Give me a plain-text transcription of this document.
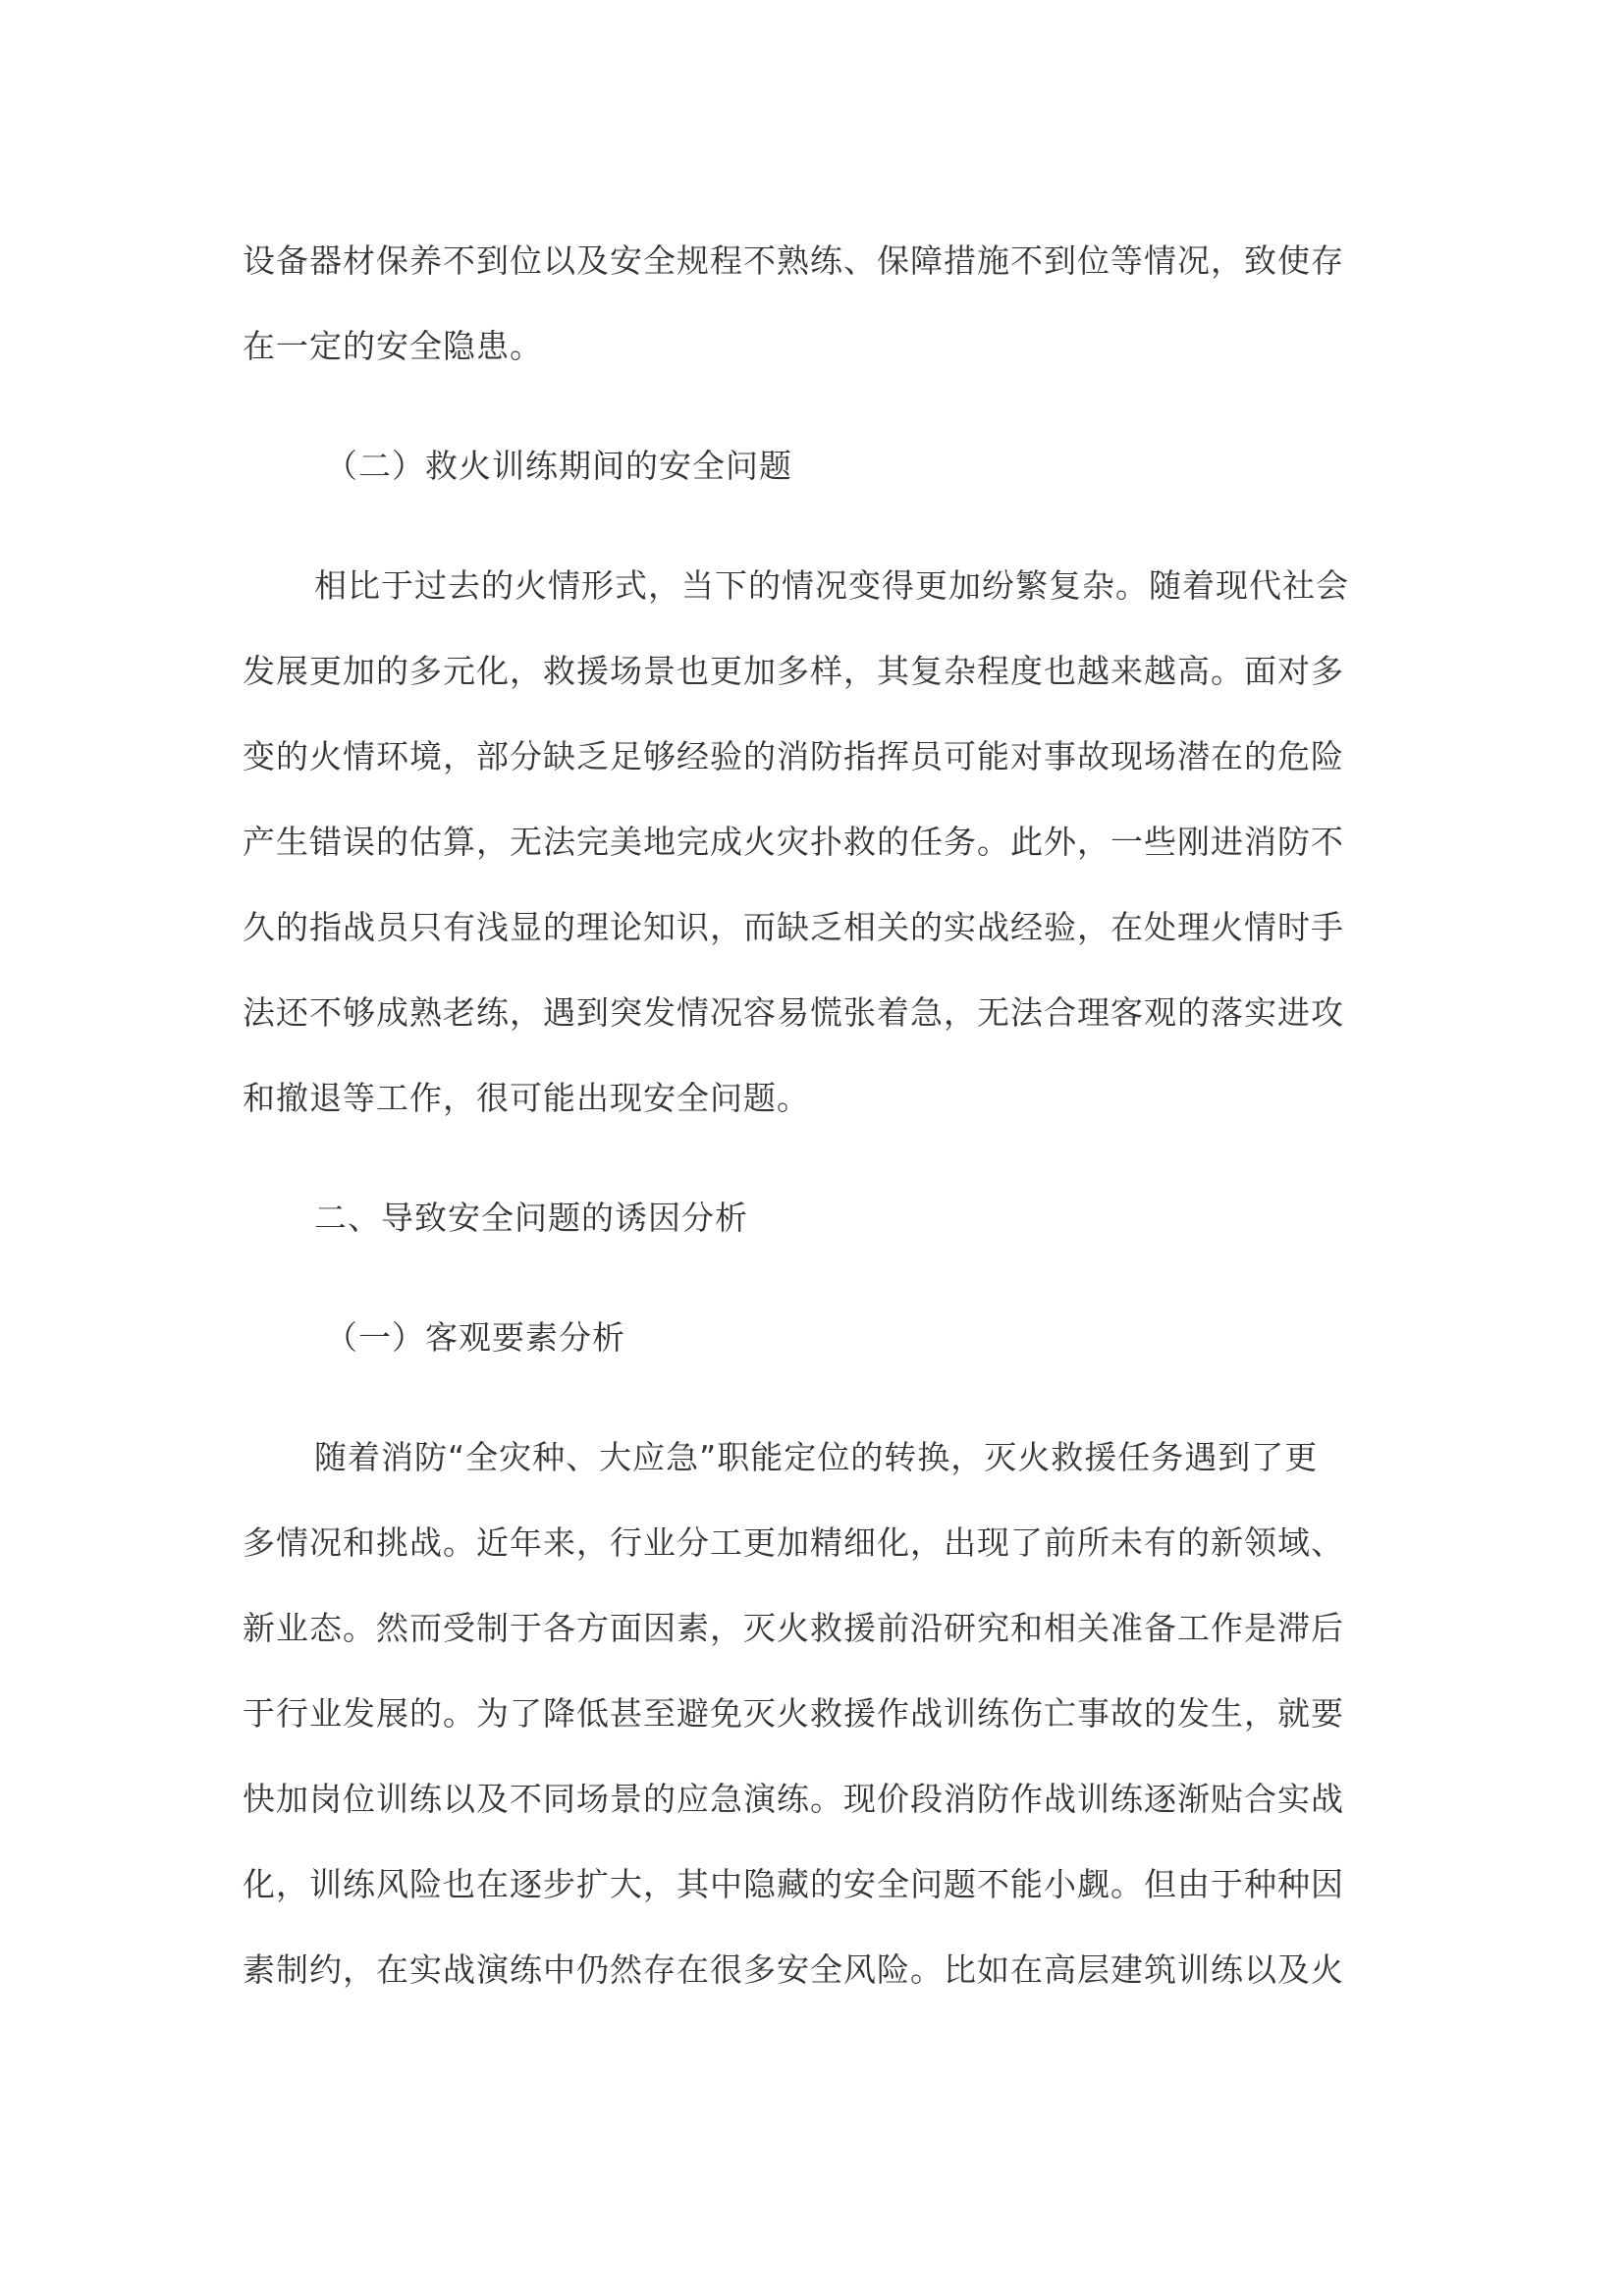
设备器材保养不到位以及安全规程不熟练、保障措施不到位等情况，致使存
在一定的安全隐患。
（二）救火训练期间的安全问题
相比于过去的火情形式，当下的情况变得更加纷繁复杂。随着现代社会
发展更加的多元化，救援场景也更加多样，其复杂程度也越来越高。面对多
变的火情环境，部分缺乏足够经验的消防指挥员可能对事故现场潜在的危险
产生错误的估算，无法完美地完成火灾扑救的任务。此外，一些刚进消防不
久的指战员只有浅显的理论知识，而缺乏相关的实战经验，在处理火情时手
法还不够成熟老练，遇到突发情况容易慌张着急，无法合理客观的落实进攻
和撤退等工作，很可能出现安全问题。
二、导致安全问题的诱因分析
（一）客观要素分析
随着消防“全灾种、大应急”职能定位的转换，灭火救援任务遇到了更
多情况和挑战。近年来，行业分工更加精细化，出现了前所未有的新领域、
新业态。然而受制于各方面因素，灭火救援前沿研究和相关准备工作是滞后
于行业发展的。为了降低甚至避免灭火救援作战训练伤亡事故的发生，就要
快加岗位训练以及不同场景的应急演练。现价段消防作战训练逐渐贴合实战
化，训练风险也在逐步扩大，其中隐藏的安全问题不能小觑。但由于种种因
素制约，在实战演练中仍然存在很多安全风险。比如在高层建筑训练以及火
